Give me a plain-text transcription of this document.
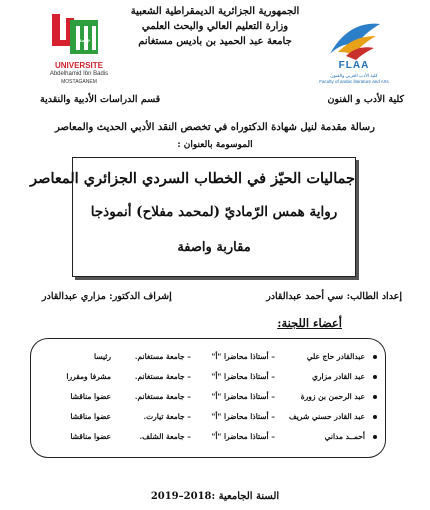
الجمهورية الجزائرية الديمقراطية الشعبية
وزارة التعليم العالي والبحث العلمي
جامعة عبد الحميد بن باديس مستغانم
جامعة
UNIVERSITE
Abdelhamid Ibn Badis
MOSTAGANEM
FLAA
كلية الأدب العربي والفنون
Faculty of arabic literature and Arts
كلية الأدب و الفنون
قسم الدراسات الأدبية والنقدية
رسالة مقدمة لنيل شهادة الدكتوراه في تخصص النقد الأدبي الحديث والمعاصر
الموسومة بالعنوان :
جماليات الحيّز في الخطاب السردي الجزائري المعاصر
رواية همس الرّماديّ (لمحمد مفلاح) أنموذجا
مقاربة واصفة
إعداد الطالب: سي أحمد عبدالقادر
إشراف الدكتور: مزاري عبدالقادر
أعضاء اللجنة:
عبدالقادر حاج علي
– أستاذا محاضرا "أ"
– جامعة مستغانم.
رئيسا
عبد القادر مزاري
– أستاذا محاضرا "أ"
– جامعة مستغانم.
مشرفا ومقررا
عبد الرحمن بن زورة
– أستاذا محاضرا "أ"
– جامعة مستغانم.
عضوا مناقشا
عبد القادر حسني شريف
– أستاذا محاضرا "أ"
– جامعة تيارت.
عضوا مناقشا
أحمــد مداني
– أستاذا محاضرا "أ"
– جامعة الشلف.
عضوا مناقشا
السنة الجامعية :2018–2019
